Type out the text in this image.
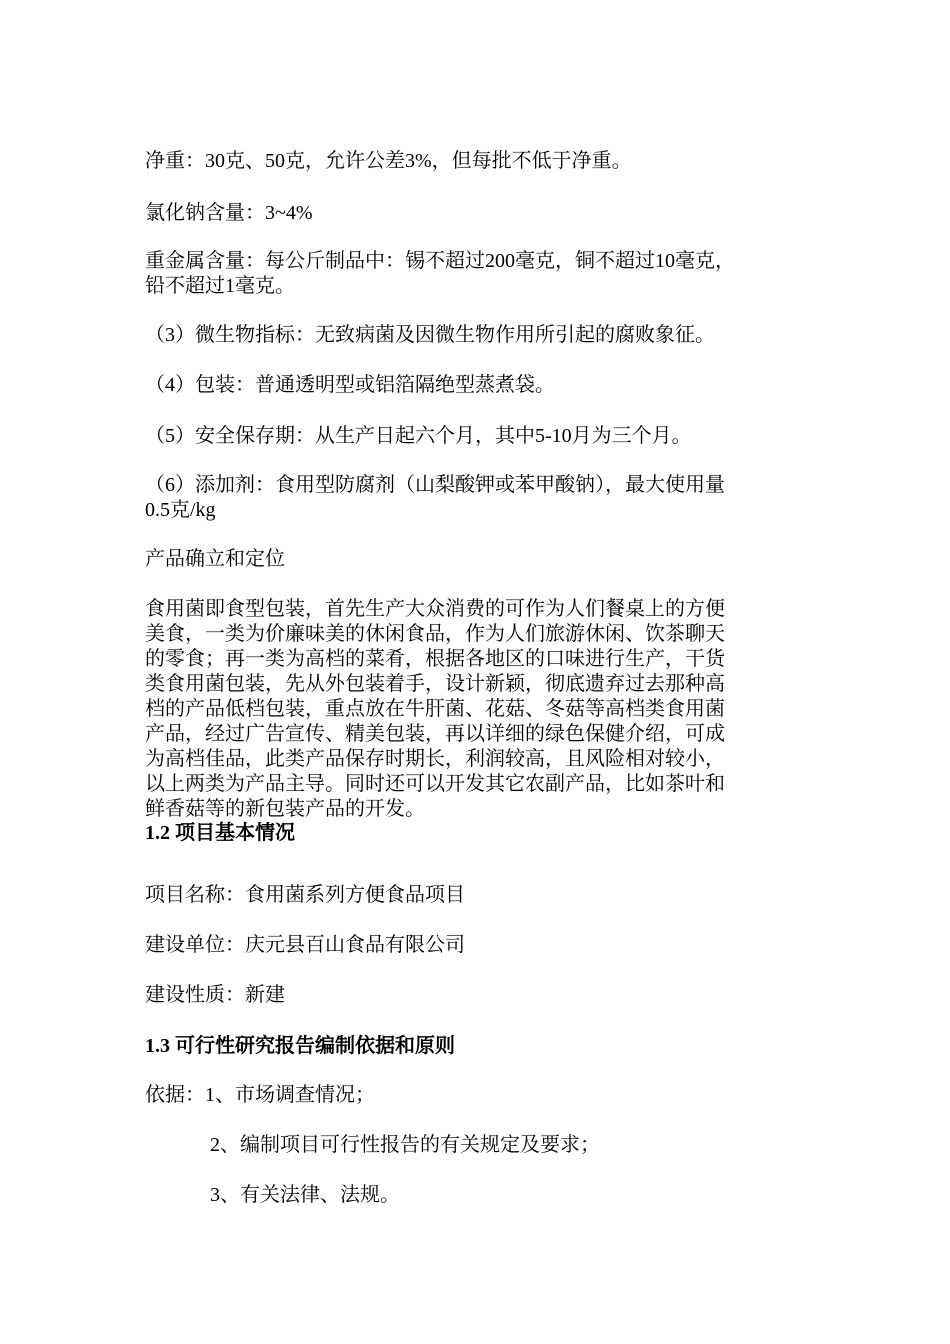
净重：30克、50克，允许公差3%，但每批不低于净重。
氯化钠含量：3~4%
重金属含量：每公斤制品中：锡不超过200毫克，铜不超过10毫克，
铅不超过1毫克。
（3）微生物指标：无致病菌及因微生物作用所引起的腐败象征。
（4）包装：普通透明型或铝箔隔绝型蒸煮袋。
（5）安全保存期：从生产日起六个月，其中5-10月为三个月。
（6）添加剂：食用型防腐剂（山梨酸钾或苯甲酸钠），最大使用量
0.5克/kg
产品确立和定位
食用菌即食型包装，首先生产大众消费的可作为人们餐桌上的方便
美食，一类为价廉味美的休闲食品，作为人们旅游休闲、饮茶聊天
的零食；再一类为高档的菜肴，根据各地区的口味进行生产，干货
类食用菌包装，先从外包装着手，设计新颖，彻底遗弃过去那种高
档的产品低档包装，重点放在牛肝菌、花菇、冬菇等高档类食用菌
产品，经过广告宣传、精美包装，再以详细的绿色保健介绍，可成
为高档佳品，此类产品保存时期长，利润较高，且风险相对较小，
以上两类为产品主导。同时还可以开发其它农副产品，比如茶叶和
鲜香菇等的新包装产品的开发。
1.2 项目基本情况
项目名称：食用菌系列方便食品项目
建设单位：庆元县百山食品有限公司
建设性质：新建
1.3 可行性研究报告编制依据和原则
依据：1、市场调查情况；
2、编制项目可行性报告的有关规定及要求；
3、有关法律、法规。
